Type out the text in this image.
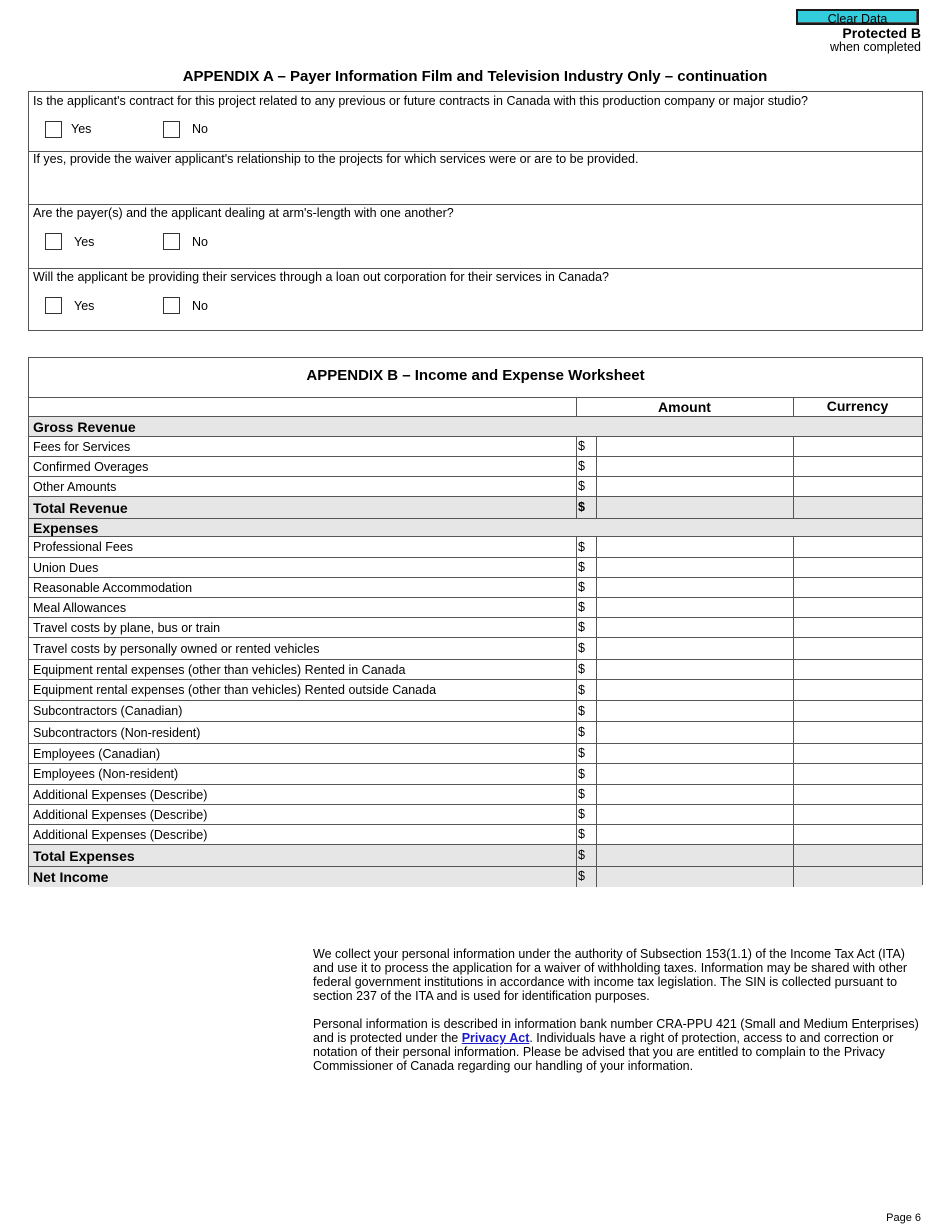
Clear Data
Protected B
when completed
APPENDIX A – Payer Information Film and Television Industry Only – continuation
Is the applicant's contract for this project related to any previous or future contracts in Canada with this production company or major studio?
Yes	No
If yes, provide the waiver applicant's relationship to the projects for which services were or are to be provided.
Are the payer(s) and the applicant dealing at arm's-length with one another?
Yes	No
Will the applicant be providing their services through a loan out corporation for their services in Canada?
Yes	No
APPENDIX B – Income and Expense Worksheet
Amount	Currency
Gross Revenue
Fees for Services	$
Confirmed Overages	$
Other Amounts	$
Total Revenue	$
Expenses
Professional Fees	$
Union Dues	$
Reasonable Accommodation	$
Meal Allowances	$
Travel costs by plane, bus or train	$
Travel costs by personally owned or rented vehicles	$
Equipment rental expenses (other than vehicles) Rented in Canada	$
Equipment rental expenses (other than vehicles) Rented outside Canada	$
Subcontractors (Canadian)	$
Subcontractors (Non-resident)	$
Employees (Canadian)	$
Employees (Non-resident)	$
Additional Expenses (Describe)	$
Additional Expenses (Describe)	$
Additional Expenses (Describe)	$
Total Expenses	$
Net Income	$

We collect your personal information under the authority of Subsection 153(1.1) of the Income Tax Act (ITA) and use it to process the application for a waiver of withholding taxes. Information may be shared with other federal government institutions in accordance with income tax legislation. The SIN is collected pursuant to section 237 of the ITA and is used for identification purposes.

Personal information is described in information bank number CRA-PPU 421 (Small and Medium Enterprises) and is protected under the Privacy Act. Individuals have a right of protection, access to and correction or notation of their personal information. Please be advised that you are entitled to complain to the Privacy Commissioner of Canada regarding our handling of your information.

Page 6
